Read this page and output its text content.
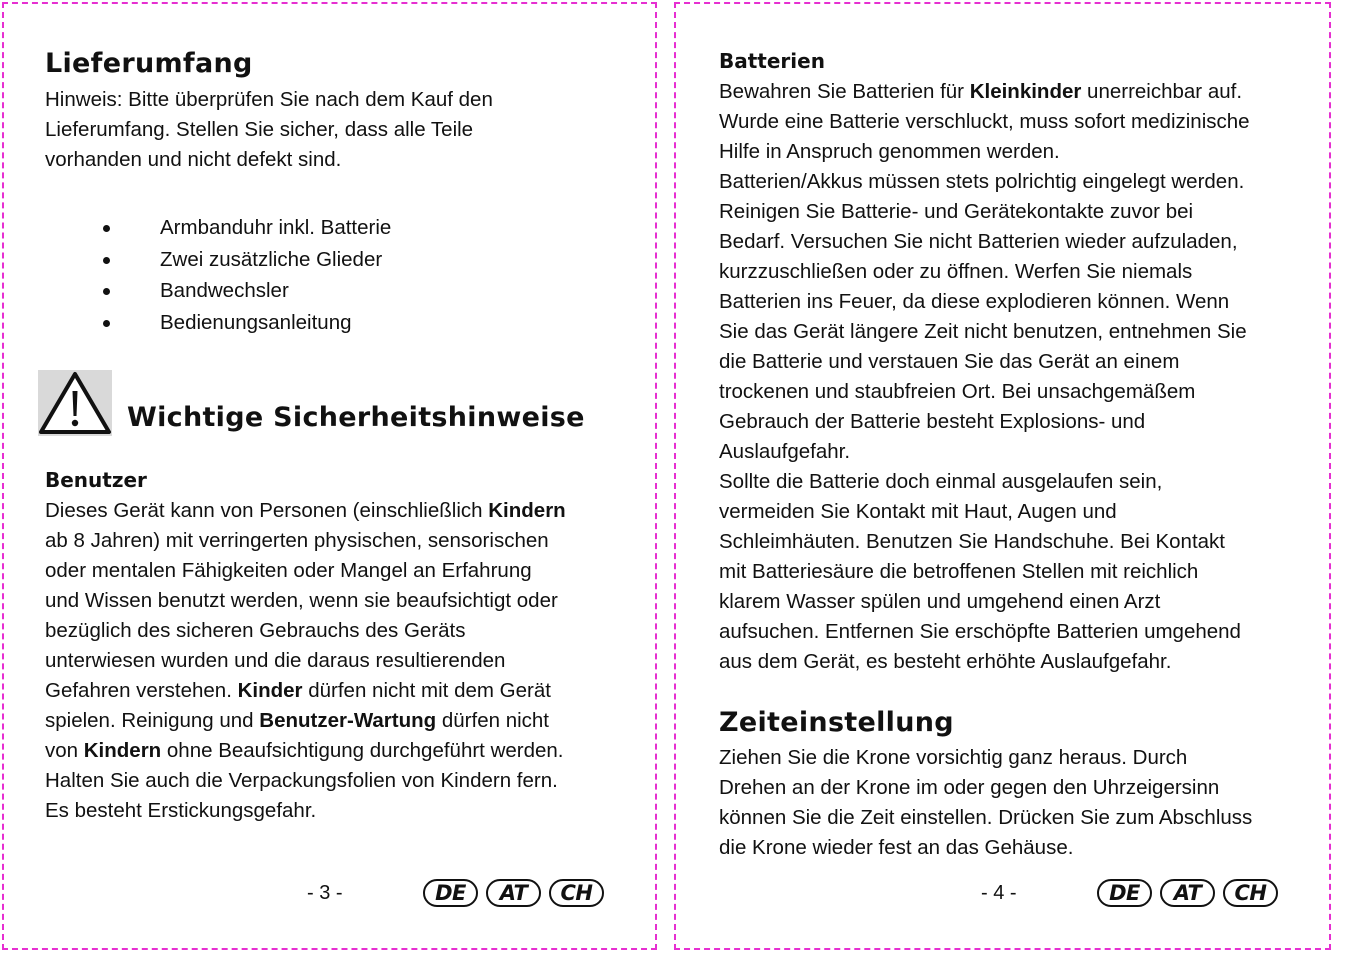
Lieferumfang

Hinweis: Bitte überprüfen Sie nach dem Kauf den
Lieferumfang. Stellen Sie sicher, dass alle Teile
vorhanden und nicht defekt sind.

Armbanduhr inkl. Batterie
Zwei zusätzliche Glieder
Bandwechsler
Bedienungsanleitung
Wichtige Sicherheitshinweise
Benutzer

Dieses Gerät kann von Personen (einschließlich Kindern
ab 8 Jahren) mit verringerten physischen, sensorischen
oder mentalen Fähigkeiten oder Mangel an Erfahrung
und Wissen benutzt werden, wenn sie beaufsichtigt oder
bezüglich des sicheren Gebrauchs des Geräts
unterwiesen wurden und die daraus resultierenden
Gefahren verstehen. Kinder dürfen nicht mit dem Gerät
spielen. Reinigung und Benutzer-Wartung dürfen nicht
von Kindern ohne Beaufsichtigung durchgeführt werden.
Halten Sie auch die Verpackungsfolien von Kindern fern.
Es besteht Erstickungsgefahr.

- 3 -	DE	AT	CH
Batterien

Bewahren Sie Batterien für Kleinkinder unerreichbar auf.
Wurde eine Batterie verschluckt, muss sofort medizinische
Hilfe in Anspruch genommen werden.
Batterien/Akkus müssen stets polrichtig eingelegt werden.
Reinigen Sie Batterie- und Gerätekontakte zuvor bei
Bedarf. Versuchen Sie nicht Batterien wieder aufzuladen,
kurzzuschließen oder zu öffnen. Werfen Sie niemals
Batterien ins Feuer, da diese explodieren können. Wenn
Sie das Gerät längere Zeit nicht benutzen, entnehmen Sie
die Batterie und verstauen Sie das Gerät an einem
trockenen und staubfreien Ort. Bei unsachgemäßem
Gebrauch der Batterie besteht Explosions- und
Auslaufgefahr.
Sollte die Batterie doch einmal ausgelaufen sein,
vermeiden Sie Kontakt mit Haut, Augen und
Schleimhäuten. Benutzen Sie Handschuhe. Bei Kontakt
mit Batteriesäure die betroffenen Stellen mit reichlich
klarem Wasser spülen und umgehend einen Arzt
aufsuchen. Entfernen Sie erschöpfte Batterien umgehend
aus dem Gerät, es besteht erhöhte Auslaufgefahr.

Zeiteinstellung

Ziehen Sie die Krone vorsichtig ganz heraus. Durch
Drehen an der Krone im oder gegen den Uhrzeigersinn
können Sie die Zeit einstellen. Drücken Sie zum Abschluss
die Krone wieder fest an das Gehäuse.

- 4 -	DE	AT	CH
